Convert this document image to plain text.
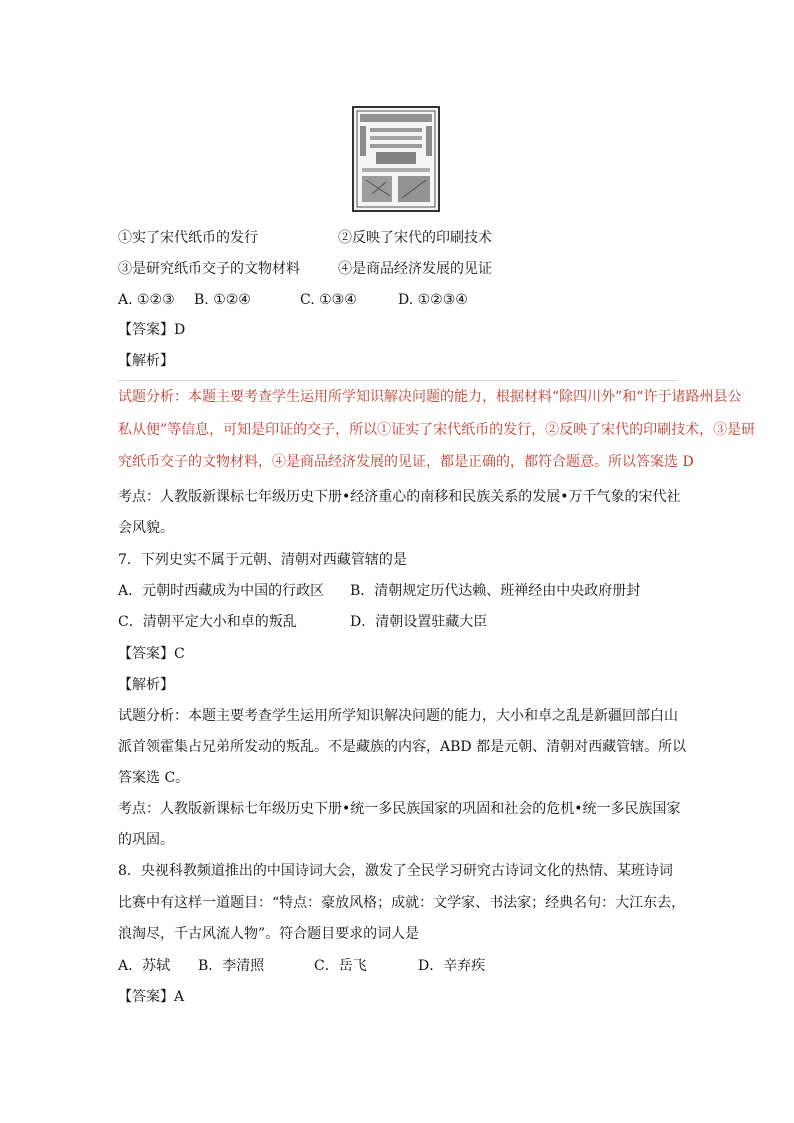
①实了宋代纸币的发行	②反映了宋代的印刷技术
③是研究纸币交子的文物材料	④是商品经济发展的见证
A. ①②③ B. ①②④	C. ①③④	D. ①②③④
【答案】D
【解析】
试题分析：本题主要考查学生运用所学知识解决问题的能力，根据材料“除四川外”和“许于诸路州县公
私从便”等信息，可知是印证的交子，所以①证实了宋代纸币的发行，②反映了宋代的印刷技术，③是研
究纸币交子的文物材料，④是商品经济发展的见证，都是正确的，都符合题意。所以答案选 D
考点：人教版新课标七年级历史下册•经济重心的南移和民族关系的发展•万千气象的宋代社
会风貌。
7．下列史实不属于元朝、清朝对西藏管辖的是
A．元朝时西藏成为中国的行政区 B．清朝规定历代达赖、班禅经由中央政府册封
C．清朝平定大小和卓的叛乱	D．清朝设置驻藏大臣
【答案】C
【解析】
试题分析：本题主要考查学生运用所学知识解决问题的能力，大小和卓之乱是新疆回部白山
派首领霍集占兄弟所发动的叛乱。不是藏族的内容，ABD 都是元朝、清朝对西藏管辖。所以
答案选 C。
考点：人教版新课标七年级历史下册•统一多民族国家的巩固和社会的危机•统一多民族国家
的巩固。
8．央视科教频道推出的中国诗词大会，激发了全民学习研究古诗词文化的热情、某班诗词
比赛中有这样一道题目：“特点：豪放风格；成就：文学家、书法家；经典名句：大江东去，
浪淘尽，千古风流人物”。符合题目要求的词人是
A．苏轼 B．李清照	C．岳飞	D．辛弃疾
【答案】A
